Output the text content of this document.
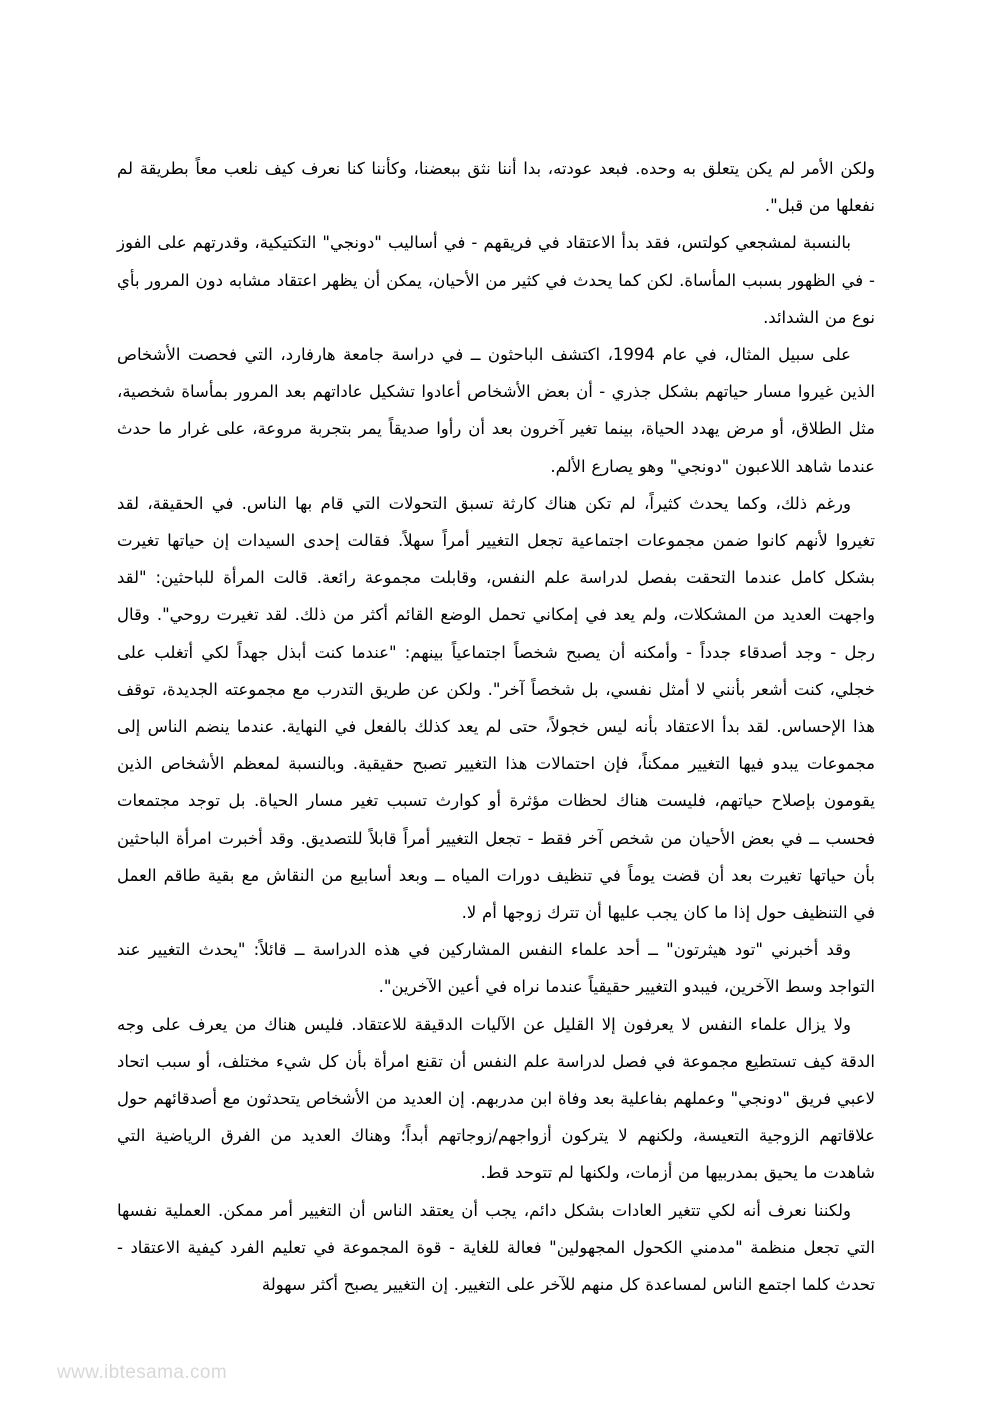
ولكن الأمر لم يكن يتعلق به وحده. فبعد عودته، بدا أننا نثق ببعضنا، وكأننا كنا نعرف كيف نلعب معاً بطريقة لم نفعلها من قبل".

بالنسبة لمشجعي كولتس، فقد بدأ الاعتقاد في فريقهم - في أساليب "دونجي" التكتيكية، وقدرتهم على الفوز - في الظهور بسبب المأساة. لكن كما يحدث في كثير من الأحيان، يمكن أن يظهر اعتقاد مشابه دون المرور بأي نوع من الشدائد.

على سبيل المثال، في عام 1994، اكتشف الباحثون ــ في دراسة جامعة هارفارد، التي فحصت الأشخاص الذين غيروا مسار حياتهم بشكل جذري - أن بعض الأشخاص أعادوا تشكيل عاداتهم بعد المرور بمأساة شخصية، مثل الطلاق، أو مرض يهدد الحياة، بينما تغير آخرون بعد أن رأوا صديقاً يمر بتجربة مروعة، على غرار ما حدث عندما شاهد اللاعبون "دونجي" وهو يصارع الألم.

ورغم ذلك، وكما يحدث كثيراً، لم تكن هناك كارثة تسبق التحولات التي قام بها الناس. في الحقيقة، لقد تغيروا لأنهم كانوا ضمن مجموعات اجتماعية تجعل التغيير أمراً سهلاً. فقالت إحدى السيدات إن حياتها تغيرت بشكل كامل عندما التحقت بفصل لدراسة علم النفس، وقابلت مجموعة رائعة. قالت المرأة للباحثين: "لقد واجهت العديد من المشكلات، ولم يعد في إمكاني تحمل الوضع القائم أكثر من ذلك. لقد تغيرت روحي". وقال رجل - وجد أصدقاء جدداً - وأمكنه أن يصبح شخصاً اجتماعياً بينهم: "عندما كنت أبذل جهداً لكي أتغلب على خجلي، كنت أشعر بأنني لا أمثل نفسي، بل شخصاً آخر". ولكن عن طريق التدرب مع مجموعته الجديدة، توقف هذا الإحساس. لقد بدأ الاعتقاد بأنه ليس خجولاً، حتى لم يعد كذلك بالفعل في النهاية. عندما ينضم الناس إلى مجموعات يبدو فيها التغيير ممكناً، فإن احتمالات هذا التغيير تصبح حقيقية. وبالنسبة لمعظم الأشخاص الذين يقومون بإصلاح حياتهم، فليست هناك لحظات مؤثرة أو كوارث تسبب تغير مسار الحياة. بل توجد مجتمعات فحسب ــ في بعض الأحيان من شخص آخر فقط - تجعل التغيير أمراً قابلاً للتصديق. وقد أخبرت امرأة الباحثين بأن حياتها تغيرت بعد أن قضت يوماً في تنظيف دورات المياه ــ وبعد أسابيع من النقاش مع بقية طاقم العمل في التنظيف حول إذا ما كان يجب عليها أن تترك زوجها أم لا.

وقد أخبرني "تود هيثرتون" ــ أحد علماء النفس المشاركين في هذه الدراسة ــ قائلاً: "يحدث التغيير عند التواجد وسط الآخرين، فيبدو التغيير حقيقياً عندما نراه في أعين الآخرين".

ولا يزال علماء النفس لا يعرفون إلا القليل عن الآليات الدقيقة للاعتقاد. فليس هناك من يعرف على وجه الدقة كيف تستطيع مجموعة في فصل لدراسة علم النفس أن تقنع امرأة بأن كل شيء مختلف، أو سبب اتحاد لاعبي فريق "دونجي" وعملهم بفاعلية بعد وفاة ابن مدربهم. إن العديد من الأشخاص يتحدثون مع أصدقائهم حول علاقاتهم الزوجية التعيسة، ولكنهم لا يتركون أزواجهم/زوجاتهم أبداً؛ وهناك العديد من الفرق الرياضية التي شاهدت ما يحيق بمدربيها من أزمات، ولكنها لم تتوحد قط.

ولكننا نعرف أنه لكي تتغير العادات بشكل دائم، يجب أن يعتقد الناس أن التغيير أمر ممكن. العملية نفسها التي تجعل منظمة "مدمني الكحول المجهولين" فعالة للغاية - قوة المجموعة في تعليم الفرد كيفية الاعتقاد - تحدث كلما اجتمع الناس لمساعدة كل منهم للآخر على التغيير. إن التغيير يصبح أكثر سهولة

www.ibtesama.com
